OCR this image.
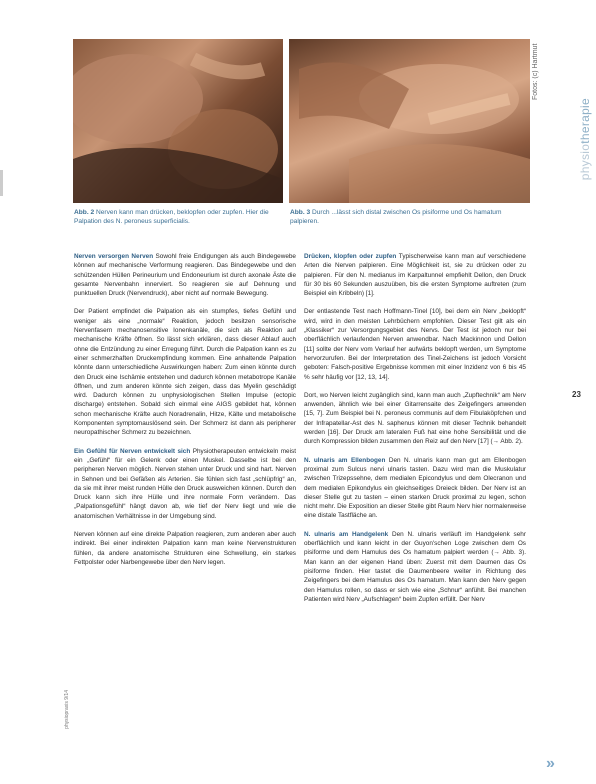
Fotos: (c) Hartmut
physiotherapie
23
Abb. 2 Nerven kann man drücken, beklopfen oder zupfen. Hier die Palpation des N. peroneus superficialis.
Abb. 3 Durch ...lässt sich distal zwischen Os pisiforme und Os hamatum palpieren.

Nerven versorgen Nerven Sowohl freie Endigungen als auch Bindegewebe können auf mechanische Verformung reagieren. Das Bindegewebe und den schützenden Hüllen Perineurium und Endoneurium ist durch axonale Äste die gesamte Nervenbahn innerviert. So reagieren sie auf Dehnung und punktuellen Druck (Nervendruck), aber nicht auf normale Bewegung.

Der Patient empfindet die Palpation als ein stumpfes, tiefes Gefühl und weniger als eine „normale“ Reaktion, jedoch besitzen sensorische Nervenfasern mechanosensitive Ionenkanäle, die sich als Reaktion auf mechanische Kräfte öffnen. So lässt sich erklären, dass dieser Ablauf auch ohne die Entzündung zu einer Erregung führt. Durch die Palpation kann es zu einer schmerzhaften Druckempfindung kommen. Eine anhaltende Palpation könnte dann unterschiedliche Auswirkungen haben: Zum einen könnte durch den Druck eine Ischämie entstehen und dadurch können metabotrope Kanäle öffnen, und zum anderen könnte sich zeigen, dass das Myelin geschädigt wird. Dadurch können zu unphysiologischen Stellen Impulse (ectopic discharge) entstehen. Sobald sich einmal eine AIGS gebildet hat, können schon mechanische Kräfte auch Noradrenalin, Hitze, Kälte und metabolische Komponenten symptomauslösend sein. Der Schmerz ist dann als peripherer neuropathischer Schmerz zu bezeichnen.

Ein Gefühl für Nerven entwickelt sich Physiotherapeuten entwickeln meist ein „Gefühl“ für ein Gelenk oder einen Muskel. Dasselbe ist bei den peripheren Nerven möglich. Nerven stehen unter Druck und sind hart. Nerven in Sehnen und bei Gefäßen als Arterien. Sie fühlen sich fast „schlüpfrig“ an, da sie mit ihrer meist runden Hülle den Druck ausweichen können. Durch den Druck kann sich ihre Hülle und ihre normale Form verändern. Das „Palpationsgefühl“ hängt davon ab, wie tief der Nerv liegt und wie die anatomischen Verhältnisse in der Umgebung sind.

Nerven können auf eine direkte Palpation reagieren, zum anderen aber auch indirekt. Bei einer indirekten Palpation kann man keine Nervenstrukturen fühlen, da andere anatomische Strukturen eine Schwellung, ein starkes Fettpolster oder Narbengewebe über den Nerv legen.

Drücken, klopfen oder zupfen Typischerweise kann man auf verschiedene Arten die Nerven palpieren. Eine Möglichkeit ist, sie zu drücken oder zu palpieren. Für den N. medianus im Karpaltunnel empfiehlt Dellon, den Druck für 30 bis 60 Sekunden auszuüben, bis die ersten Symptome auftreten (zum Beispiel ein Kribbeln) [1].

Der entlastende Test nach Hoffmann-Tinel [10], bei dem ein Nerv „beklopft“ wird, wird in den meisten Lehrbüchern empfohlen. Dieser Test gilt als ein „Klassiker“ zur Versorgungsgebiet des Nervs. Der Test ist jedoch nur bei oberflächlich verlaufenden Nerven anwendbar. Nach Mackinnon und Dellon [11] sollte der Nerv vom Verlauf her aufwärts beklopft werden, um Symptome hervorzurufen. Bei der Interpretation des Tinel-Zeichens ist jedoch Vorsicht geboten: Falsch-positive Ergebnisse kommen mit einer Inzidenz von 6 bis 45 % sehr häufig vor [12, 13, 14].

Dort, wo Nerven leicht zugänglich sind, kann man auch „Zupftechnik“ am Nerv anwenden, ähnlich wie bei einer Gitarrensaite des Zeigefingers anwenden [15, 7]. Zum Beispiel bei N. peroneus communis auf dem Fibulaköpfchen und der Infrapatellar-Ast des N. saphenus können mit dieser Technik behandelt werden [16]. Der Druck am lateralen Fuß hat eine hohe Sensibilität und die durch Kompression bilden zusammen den Reiz auf den Nerv [17] (→ Abb. 2).

N. ulnaris am Ellenbogen Den N. ulnaris kann man gut am Ellenbogen proximal zum Sulcus nervi ulnaris tasten. Dazu wird man die Muskulatur zwischen Trizepssehne, dem medialen Epicondylus und dem Olecranon und dem medialen Epikondylus ein gleichseitiges Dreieck bilden. Der Nerv ist an dieser Stelle gut zu tasten – einen starken Druck proximal zu legen, schon nicht mehr. Die Exposition an dieser Stelle gibt Raum Nerv hier normalerweise eine distale Tastfläche an.

N. ulnaris am Handgelenk Den N. ulnaris verläuft im Handgelenk sehr oberflächlich und kann leicht in der Guyon'schen Loge zwischen dem Os pisiforme und dem Hamulus des Os hamatum palpiert werden (→ Abb. 3). Man kann an der eigenen Hand üben: Zuerst mit dem Daumen das Os pisiforme finden. Hier tastet die Daumenbeere weiter in Richtung des Zeigefingers bei dem Hamulus des Os hamatum. Man kann den Nerv gegen den Hamulus rollen, so dass er sich wie eine „Schnur“ anfühlt. Bei manchen Patienten wird Nerv „Aufschlagen“ beim Zupfen erfüllt. Der Nerv

physiopraxis 9/14
»
